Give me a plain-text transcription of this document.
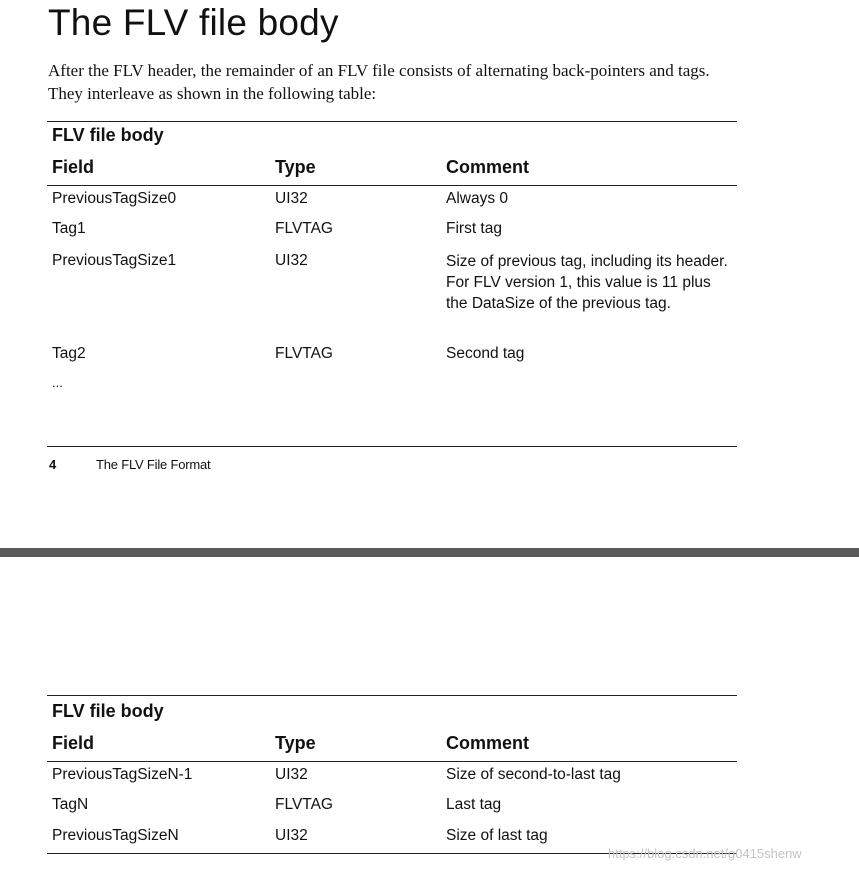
The FLV file body
After the FLV header, the remainder of an FLV file consists of alternating back-pointers and tags. They interleave as shown in the following table:
FLV file body
Field	Type	Comment
PreviousTagSize0	UI32	Always 0
Tag1	FLVTAG	First tag
PreviousTagSize1	UI32	Size of previous tag, including its header. For FLV version 1, this value is 11 plus the DataSize of the previous tag.
Tag2	FLVTAG	Second tag
...
4	The FLV File Format
FLV file body
Field	Type	Comment
PreviousTagSizeN-1	UI32	Size of second-to-last tag
TagN	FLVTAG	Last tag
PreviousTagSizeN	UI32	Size of last tag
https://blog.csdn.net/g0415shenw
